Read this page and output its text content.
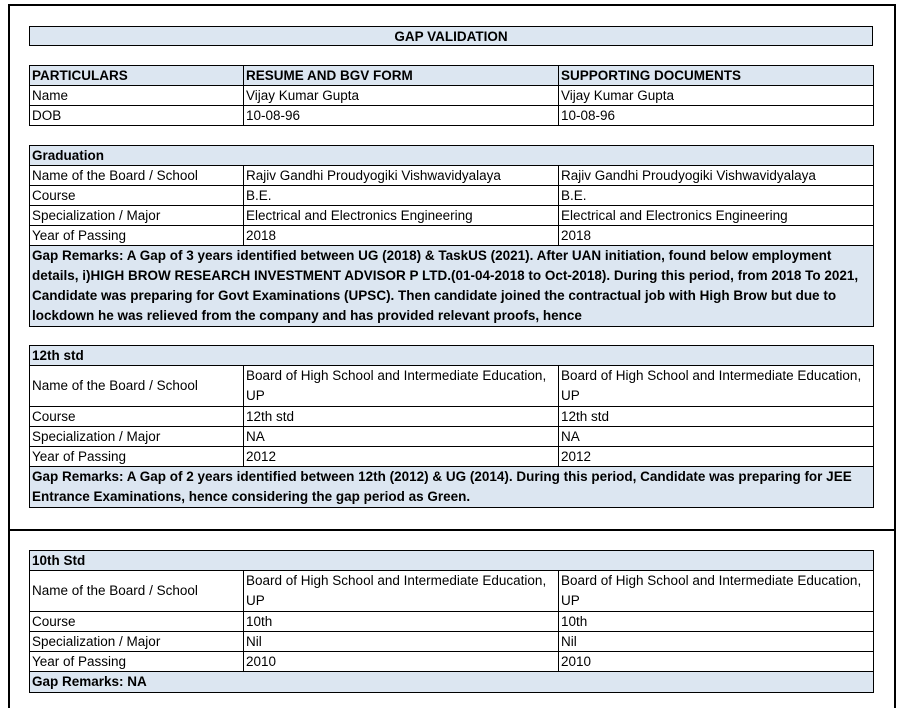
GAP VALIDATION
PARTICULARS	RESUME AND BGV FORM	SUPPORTING DOCUMENTS
Name	Vijay Kumar Gupta	Vijay Kumar Gupta
DOB	10-08-96	10-08-96
Graduation		
Name of the Board / School	Rajiv Gandhi Proudyogiki Vishwavidyalaya	Rajiv Gandhi Proudyogiki Vishwavidyalaya
Course	B.E.	B.E.
Specialization / Major	Electrical and Electronics Engineering	Electrical and Electronics Engineering
Year of Passing	2018	2018
Gap Remarks: A Gap of 3 years identified between UG (2018) & TaskUS (2021). After UAN initiation, found below employment details, i)HIGH BROW RESEARCH INVESTMENT ADVISOR P LTD.(01-04-2018 to Oct-2018). During this period, from 2018 To 2021, Candidate was preparing for Govt Examinations (UPSC). Then candidate joined the contractual job with High Brow but due to lockdown he was relieved from the company and has provided relevant proofs, hence		
12th std		
Name of the Board / School	Board of High School and Intermediate Education, UP	Board of High School and Intermediate Education, UP
Course	12th std	12th std
Specialization / Major	NA	NA
Year of Passing	2012	2012
Gap Remarks: A Gap of 2 years identified between 12th (2012) & UG (2014). During this period, Candidate was preparing for JEE Entrance Examinations, hence considering the gap period as Green.		
10th Std		
Name of the Board / School	Board of High School and Intermediate Education, UP	Board of High School and Intermediate Education, UP
Course	10th	10th
Specialization / Major	Nil	Nil
Year of Passing	2010	2010
Gap Remarks: NA		
